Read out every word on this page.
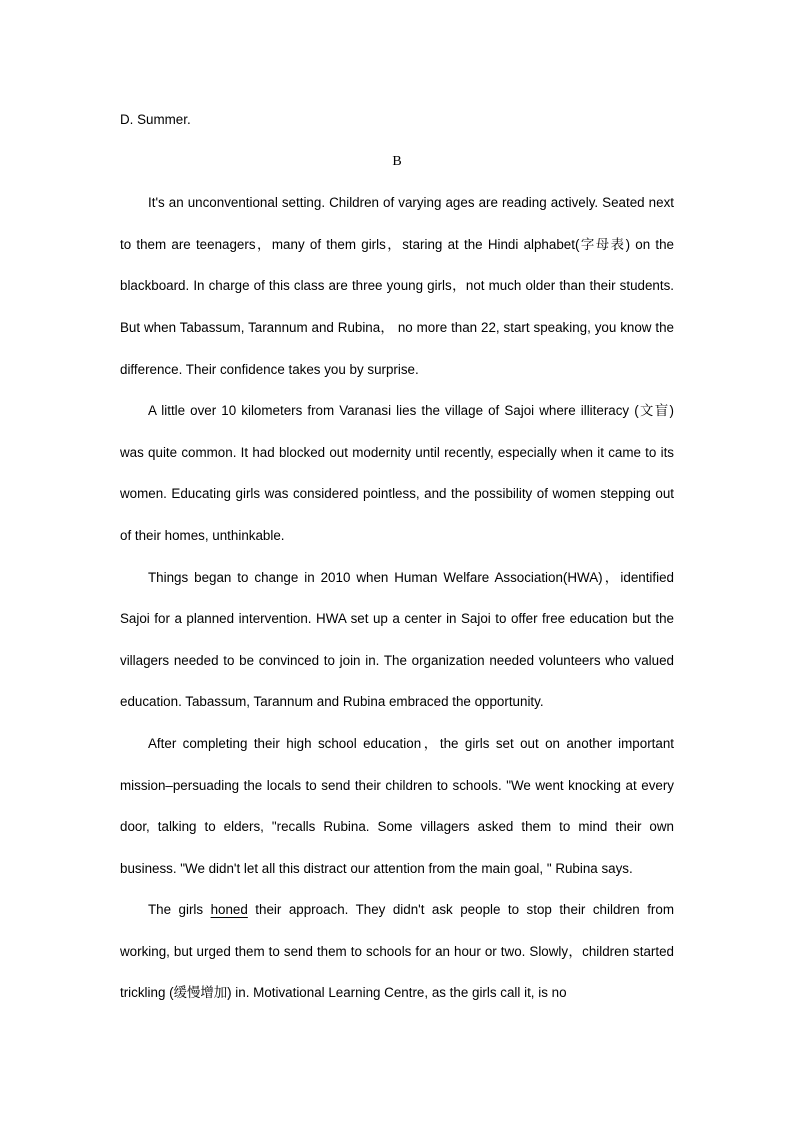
D. Summer.

B

It's an unconventional setting. Children of varying ages are reading actively. Seated next to them are teenagers，many of them girls，staring at the Hindi alphabet(字母表) on the blackboard. In charge of this class are three young girls，not much older than their students. But when Tabassum, Tarannum and Rubina， no more than 22, start speaking, you know the difference. Their confidence takes you by surprise.

A little over 10 kilometers from Varanasi lies the village of Sajoi where illiteracy (文盲) was quite common. It had blocked out modernity until recently, especially when it came to its women. Educating girls was considered pointless, and the possibility of women stepping out of their homes, unthinkable.

Things began to change in 2010 when Human Welfare Association(HWA)，identified Sajoi for a planned intervention. HWA set up a center in Sajoi to offer free education but the villagers needed to be convinced to join in. The organization needed volunteers who valued education. Tabassum, Tarannum and Rubina embraced the opportunity.

After completing their high school education，the girls set out on another important mission–persuading the locals to send their children to schools. "We went knocking at every door, talking to elders, "recalls Rubina. Some villagers asked them to mind their own business. "We didn't let all this distract our attention from the main goal, " Rubina says.

The girls honed their approach. They didn't ask people to stop their children from working, but urged them to send them to schools for an hour or two. Slowly，children started trickling (缓慢增加) in. Motivational Learning Centre, as the girls call it, is no
